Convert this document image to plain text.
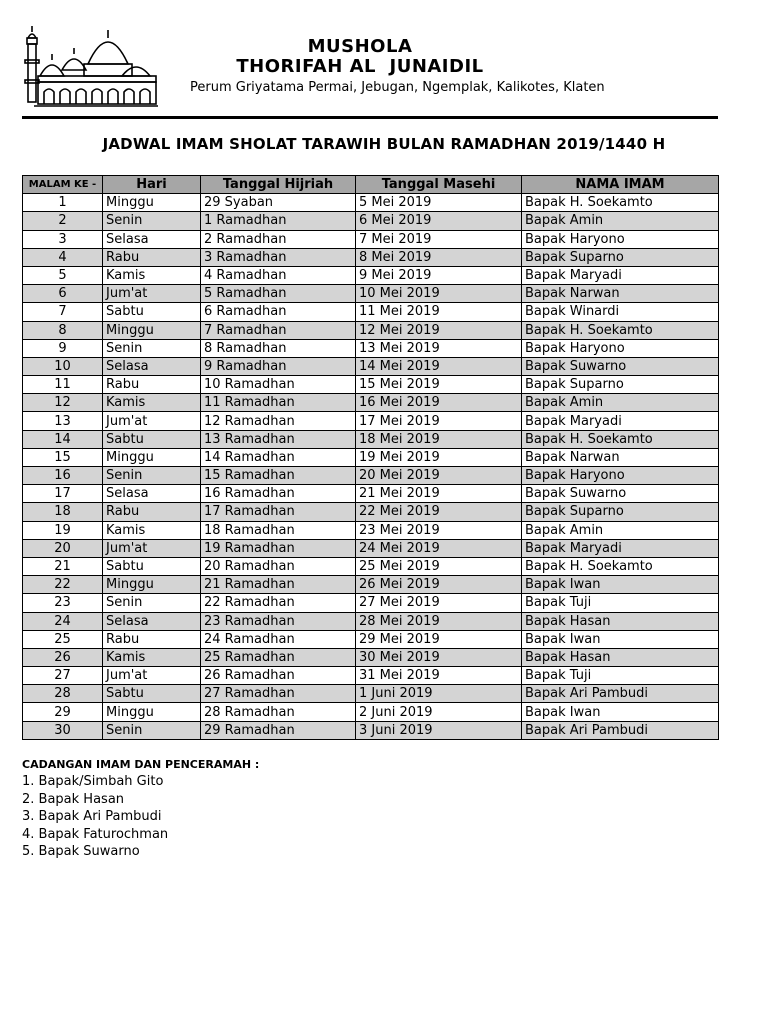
MUSHOLA
THORIFAH AL  JUNAIDIL
Perum Griyatama Permai, Jebugan, Ngemplak, Kalikotes, Klaten
JADWAL IMAM SHOLAT TARAWIH BULAN RAMADHAN 2019/1440 H
MALAM KE -	Hari	Tanggal Hijriah	Tanggal Masehi	NAMA IMAM
1	Minggu	29 Syaban	5 Mei 2019	Bapak H. Soekamto
2	Senin	1 Ramadhan	6 Mei 2019	Bapak Amin
3	Selasa	2 Ramadhan	7 Mei 2019	Bapak Haryono
4	Rabu	3 Ramadhan	8 Mei 2019	Bapak Suparno
5	Kamis	4 Ramadhan	9 Mei 2019	Bapak Maryadi
6	Jum'at	5 Ramadhan	10 Mei 2019	Bapak Narwan
7	Sabtu	6 Ramadhan	11 Mei 2019	Bapak Winardi
8	Minggu	7 Ramadhan	12 Mei 2019	Bapak H. Soekamto
9	Senin	8 Ramadhan	13 Mei 2019	Bapak Haryono
10	Selasa	9 Ramadhan	14 Mei 2019	Bapak Suwarno
11	Rabu	10 Ramadhan	15 Mei 2019	Bapak Suparno
12	Kamis	11 Ramadhan	16 Mei 2019	Bapak Amin
13	Jum'at	12 Ramadhan	17 Mei 2019	Bapak Maryadi
14	Sabtu	13 Ramadhan	18 Mei 2019	Bapak H. Soekamto
15	Minggu	14 Ramadhan	19 Mei 2019	Bapak Narwan
16	Senin	15 Ramadhan	20 Mei 2019	Bapak Haryono
17	Selasa	16 Ramadhan	21 Mei 2019	Bapak Suwarno
18	Rabu	17 Ramadhan	22 Mei 2019	Bapak Suparno
19	Kamis	18 Ramadhan	23 Mei 2019	Bapak Amin
20	Jum'at	19 Ramadhan	24 Mei 2019	Bapak Maryadi
21	Sabtu	20 Ramadhan	25 Mei 2019	Bapak H. Soekamto
22	Minggu	21 Ramadhan	26 Mei 2019	Bapak Iwan
23	Senin	22 Ramadhan	27 Mei 2019	Bapak Tuji
24	Selasa	23 Ramadhan	28 Mei 2019	Bapak Hasan
25	Rabu	24 Ramadhan	29 Mei 2019	Bapak Iwan
26	Kamis	25 Ramadhan	30 Mei 2019	Bapak Hasan
27	Jum'at	26 Ramadhan	31 Mei 2019	Bapak Tuji
28	Sabtu	27 Ramadhan	1 Juni 2019	Bapak Ari Pambudi
29	Minggu	28 Ramadhan	2 Juni 2019	Bapak Iwan
30	Senin	29 Ramadhan	3 Juni 2019	Bapak Ari Pambudi
CADANGAN IMAM DAN PENCERAMAH :
1. Bapak/Simbah Gito
2. Bapak Hasan
3. Bapak Ari Pambudi
4. Bapak Faturochman
5. Bapak Suwarno
